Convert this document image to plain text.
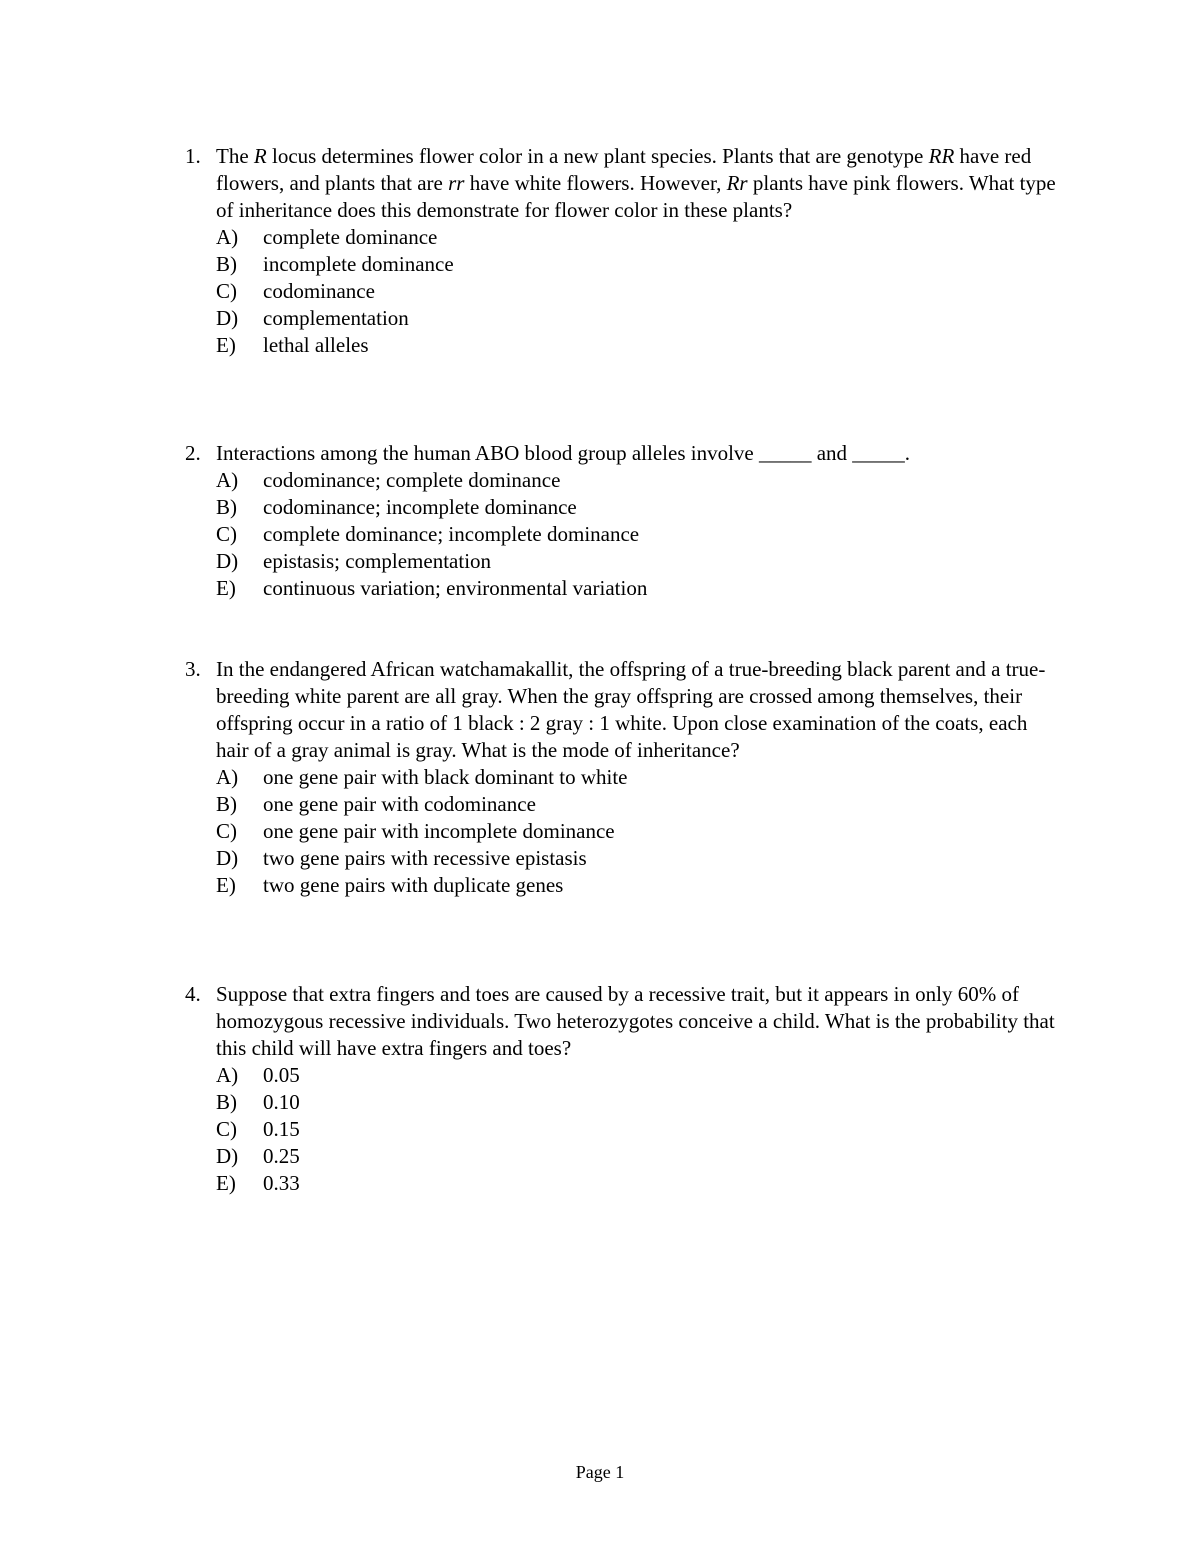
1. The R locus determines flower color in a new plant species. Plants that are genotype RR have red flowers, and plants that are rr have white flowers. However, Rr plants have pink flowers. What type of inheritance does this demonstrate for flower color in these plants?
A)	complete dominance
B)	incomplete dominance
C)	codominance
D)	complementation
E)	lethal alleles
2. Interactions among the human ABO blood group alleles involve _____ and _____.
A)	codominance; complete dominance
B)	codominance; incomplete dominance
C)	complete dominance; incomplete dominance
D)	epistasis; complementation
E)	continuous variation; environmental variation
3. In the endangered African watchamakallit, the offspring of a true-breeding black parent and a true-breeding white parent are all gray. When the gray offspring are crossed among themselves, their offspring occur in a ratio of 1 black : 2 gray : 1 white. Upon close examination of the coats, each hair of a gray animal is gray. What is the mode of inheritance?
A)	one gene pair with black dominant to white
B)	one gene pair with codominance
C)	one gene pair with incomplete dominance
D)	two gene pairs with recessive epistasis
E)	two gene pairs with duplicate genes
4. Suppose that extra fingers and toes are caused by a recessive trait, but it appears in only 60% of homozygous recessive individuals. Two heterozygotes conceive a child. What is the probability that this child will have extra fingers and toes?
A)	0.05
B)	0.10
C)	0.15
D)	0.25
E)	0.33
Page 1
